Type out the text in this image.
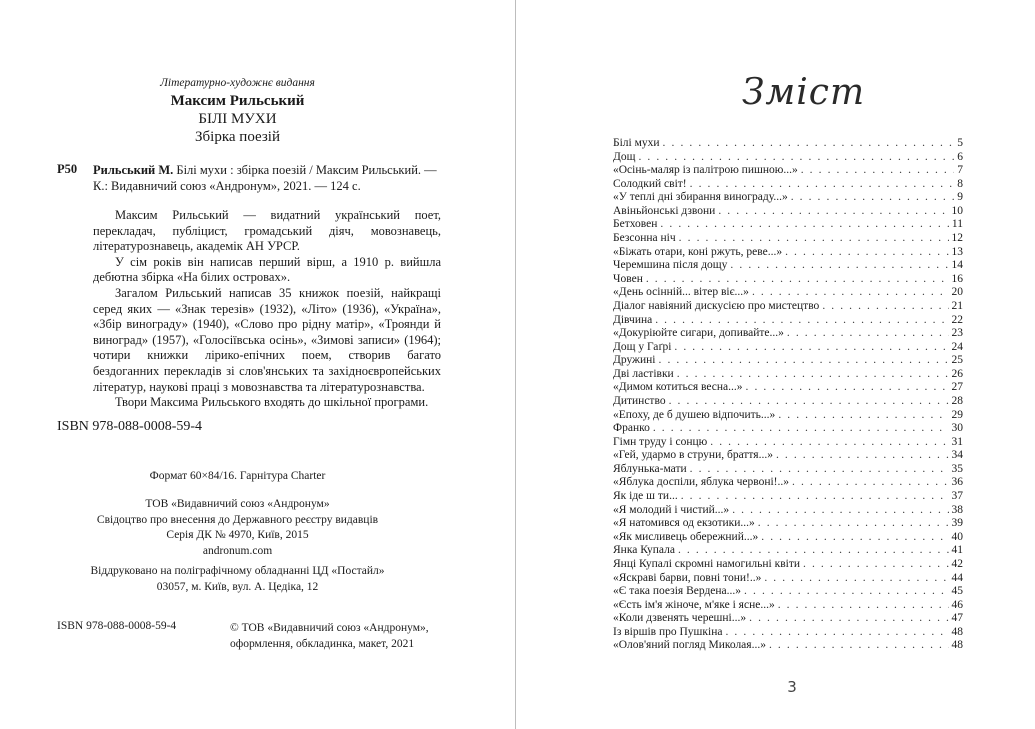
Літературно-художнє видання
Максим Рильський
БІЛІ МУХИ
Збірка поезій
Р50 Рильський М. Білі мухи : збірка поезій / Максим Рильський. — К.: Видавничий союз «Андронум», 2021. — 124 с.

Максим Рильський — видатний український поет, перекладач, публіцист, громадський діяч, мовознавець, літературознавець, академік АН УРСР.

У сім років він написав перший вірш, а 1910 р. вийшла дебютна збірка «На білих островах».

Загалом Рильський написав 35 книжок поезій, найкращі серед яких — «Знак терезів» (1932), «Літо» (1936), «Україна», «Збір винограду» (1940), «Слово про рідну матір», «Троянди й виноград» (1957), «Голосіївська осінь», «Зимові записи» (1964); чотири книжки лірико-епічних поем, створив багато бездоганних перекладів зі слов'янських та західноєвропейських літератур, наукові праці з мовознавства та літературознавства.

Твори Максима Рильського входять до шкільної програми.

ISBN 978-088-0008-59-4
Формат 60×84/16. Гарнітура Charter
ТОВ «Видавничий союз «Андронум»
Свідоцтво про внесення до Державного реєстру видавців
Серія ДК № 4970, Київ, 2015
andronum.com
Віддруковано на поліграфічному обладнанні ЦД «Постайл»
03057, м. Київ, вул. А. Цедіка, 12
ISBN 978-088-0008-59-4	© ТОВ «Видавничий союз «Андронум»,
оформлення, обкладинка, макет, 2021
Зміст
Білі мухи . . .	5
Дощ . . .	6
«Осінь-маляр із палітрою пишною...» . . .	7
Солодкий світ! . . .	8
«У теплі дні збирання винограду...» . . .	9
Авіньйонські дзвони . . .	10
Бетховен . . .	11
Безсонна ніч . . .	12
«Біжать отари, коні ржуть, реве...» . . .	13
Черемшина після дощу . . .	14
Човен . . .	16
«День осінній... вітер віє...» . . .	20
Діалог навіяний дискусією про мистецтво . . .	21
Дівчина . . .	22
«Докуріюйте сигари, допивайте...» . . .	23
Дощ у Гаґрі . . .	24
Дружині . . .	25
Дві ластівки . . .	26
«Димом котиться весна...» . . .	27
Дитинство . . .	28
«Епоху, де б душею відпочить...» . . .	29
Франко . . .	30
Гімн труду і сонцю . . .	31
«Гей, удармо в струни, браття...» . . .	34
Яблунька-мати . . .	35
«Яблука доспіли, яблука червоні!..» . . .	36
Як іде ш ти... . . .	37
«Я молодий і чистий...» . . .	38
«Я натомився од екзотики...» . . .	39
«Як мисливець обережний...» . . .	40
Янка Купала . . .	41
Янці Купалі скромні намогильні квіти . . .	42
«Яскраві барви, повні тони!..» . . .	44
«Є така поезія Вердена...» . . .	45
«Єсть ім'я жіноче, м'яке і ясне...» . . .	46
«Коли дзвенять черешні...» . . .	47
Із віршів про Пушкіна . . .	48
«Олов'яний погляд Миколая...» . . .	48
3
